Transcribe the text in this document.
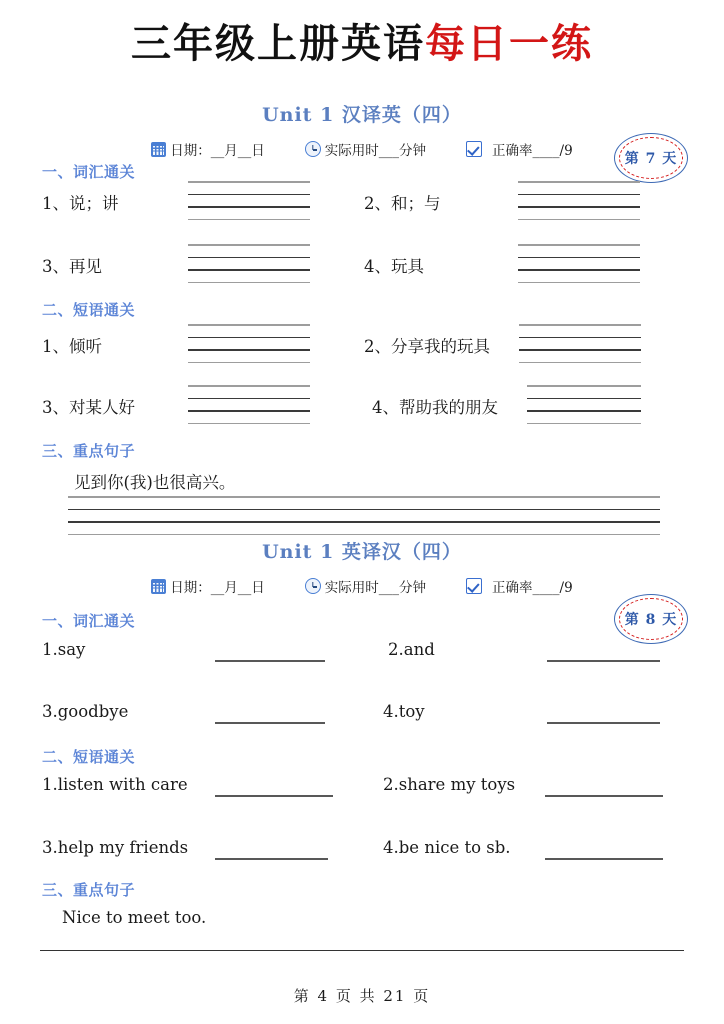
三年级上册英语每日一练
Unit 1 汉译英（四）
日期：__月__日	实际用时___分钟	正确率____/9	第 7 天
一、词汇通关
1、说；讲	2、和；与
3、再见	4、玩具
二、短语通关
1、倾听	2、分享我的玩具
3、对某人好	4、帮助我的朋友
三、重点句子
见到你(我)也很高兴。
Unit 1 英译汉（四）
日期：__月__日	实际用时___分钟	正确率____/9
第 8 天
一、词汇通关
1.say	2.and
3.goodbye	4.toy
二、短语通关
1.listen with care	2.share my toys
3.help my friends	4.be nice to sb.
三、重点句子
Nice to meet too.
第 4 页 共 21 页
